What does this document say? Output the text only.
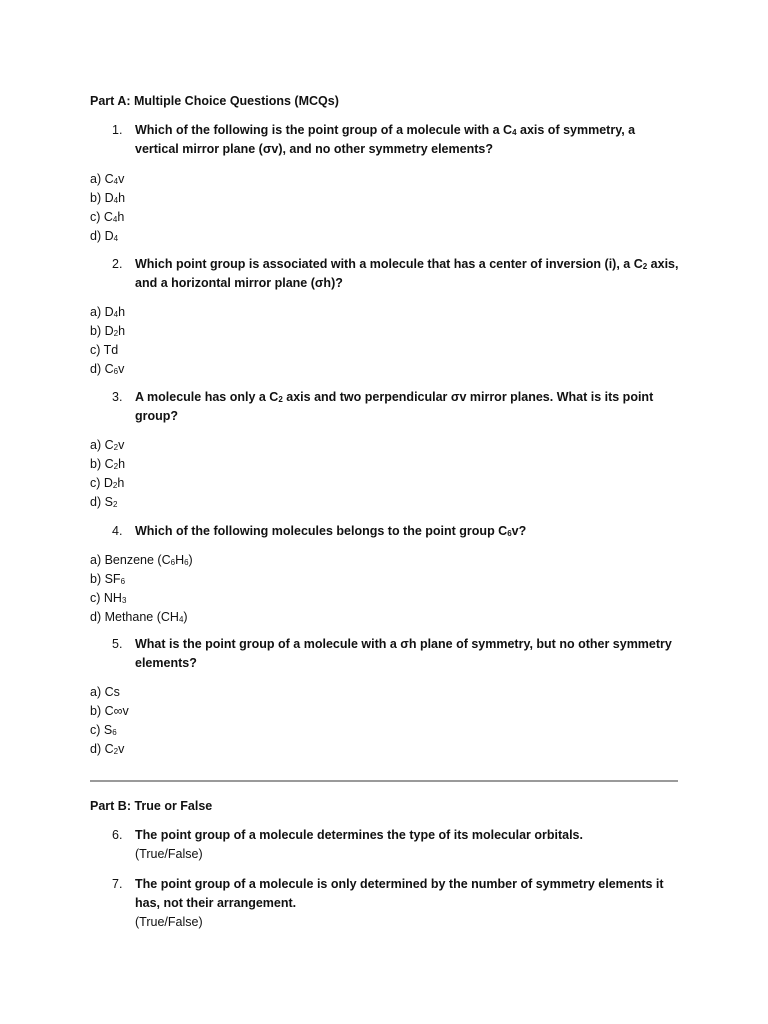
Part A: Multiple Choice Questions (MCQs)
1. Which of the following is the point group of a molecule with a $C_4$ axis of symmetry, a vertical mirror plane (σv), and no other symmetry elements?
a) $C_4v$
b) $D_4h$
c) $C_4h$
d) $D_4$
2. Which point group is associated with a molecule that has a center of inversion (i), a $C_2$ axis, and a horizontal mirror plane (σh)?
a) $D_4h$
b) $D_2h$
c) Td
d) $C_6v$
3. A molecule has only a $C_2$ axis and two perpendicular σv mirror planes. What is its point group?
a) $C_2v$
b) $C_2h$
c) $D_2h$
d) $S_2$
4. Which of the following molecules belongs to the point group $C_6v$?
a) Benzene $(C_6H_6)$
b) $SF_6$
c) $NH_3$
d) Methane $(CH_4)$
5. What is the point group of a molecule with a σh plane of symmetry, but no other symmetry elements?
a) Cs
b) C∞v
c) $S_6$
d) $C_2v$
Part B: True or False
6. The point group of a molecule determines the type of its molecular orbitals.
(True/False)
7. The point group of a molecule is only determined by the number of symmetry elements it has, not their arrangement.
(True/False)
